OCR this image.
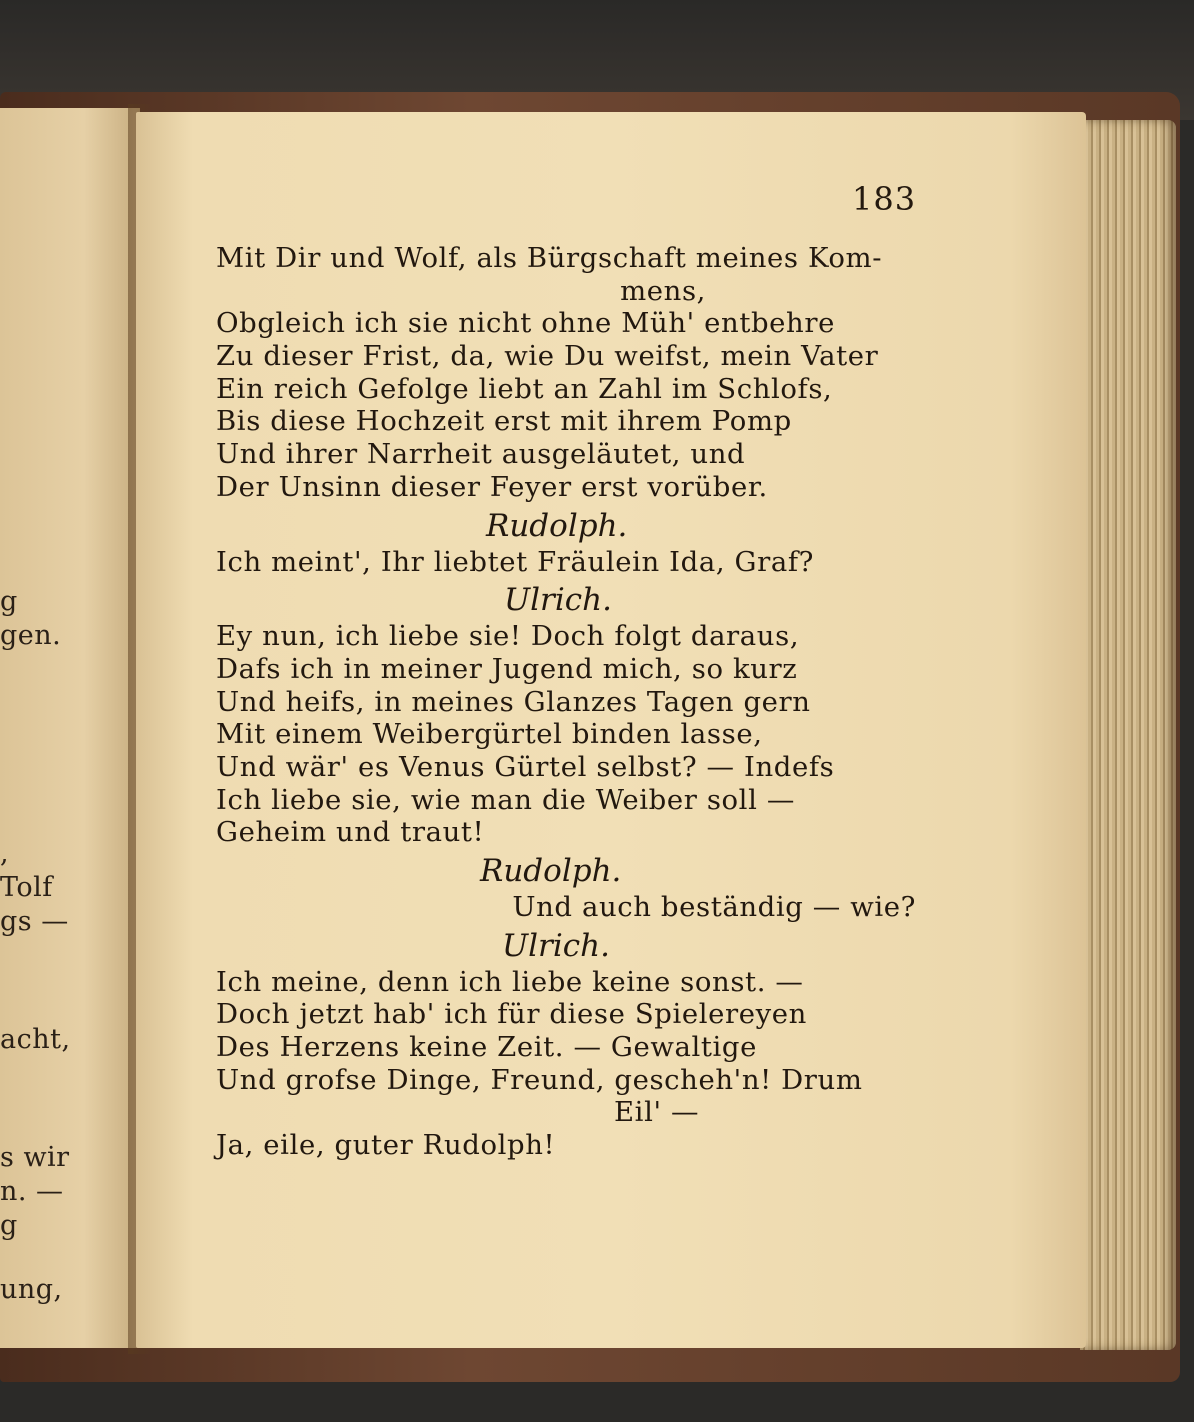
g
gen.
,
Tolf
gs —
acht,
s wir
n. —
g
ung,
183
Mit Dir und Wolf, als Bürgschaft meines Kom-
mens,
Obgleich ich sie nicht ohne Müh' entbehre
Zu dieser Frist, da, wie Du weifst, mein Vater
Ein reich Gefolge liebt an Zahl im Schlofs,
Bis diese Hochzeit erst mit ihrem Pomp
Und ihrer Narrheit ausgeläutet, und
Der Unsinn dieser Feyer erst vorüber.
Rudolph.
Ich meint', Ihr liebtet Fräulein Ida, Graf?
Ulrich.
Ey nun, ich liebe sie! Doch folgt daraus,
Dafs ich in meiner Jugend mich, so kurz
Und heifs, in meines Glanzes Tagen gern
Mit einem Weibergürtel binden lasse,
Und wär' es Venus Gürtel selbst? — Indefs
Ich liebe sie, wie man die Weiber soll —
Geheim und traut!
Rudolph.
Und auch beständig — wie?
Ulrich.
Ich meine, denn ich liebe keine sonst. —
Doch jetzt hab' ich für diese Spielereyen
Des Herzens keine Zeit. — Gewaltige
Und grofse Dinge, Freund, gescheh'n! Drum
Eil' —
Ja, eile, guter Rudolph!
